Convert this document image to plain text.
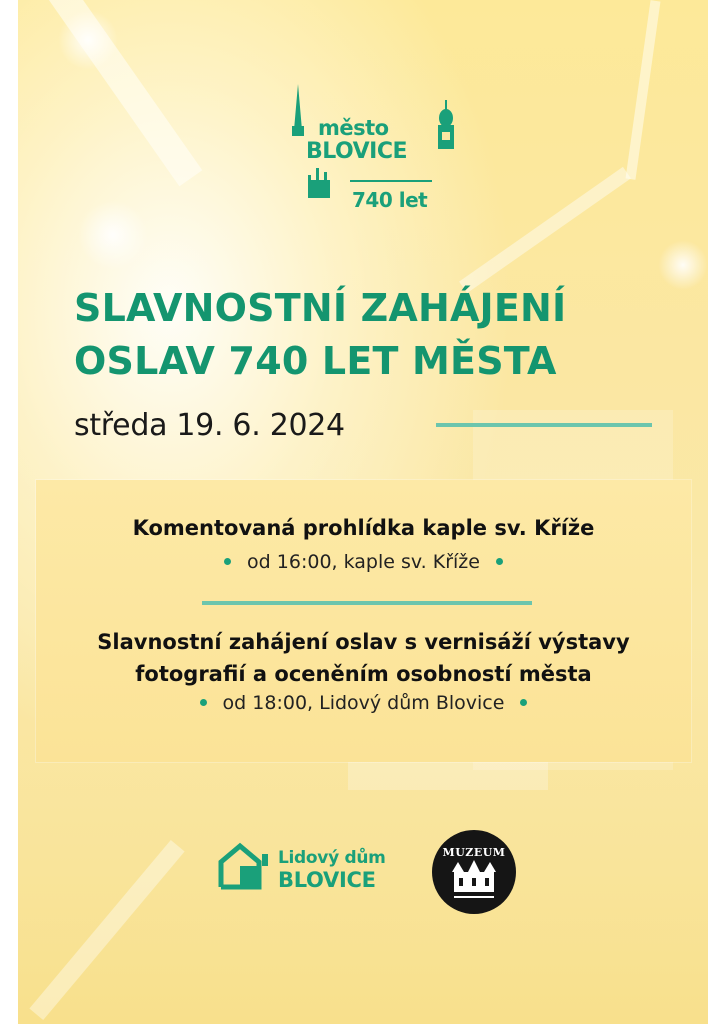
město
BLOVICE
740 let
SLAVNOSTNÍ ZAHÁJENÍ
OSLAV 740 LET MĚSTA
středa 19. 6. 2024
Komentovaná prohlídka kaple sv. Kříže
od 16:00, kaple sv. Kříže
Slavnostní zahájení oslav s vernisáží výstavy
fotografií a oceněním osobností města
od 18:00, Lidový dům Blovice
Lidový dům
BLOVICE
MUZEUM
